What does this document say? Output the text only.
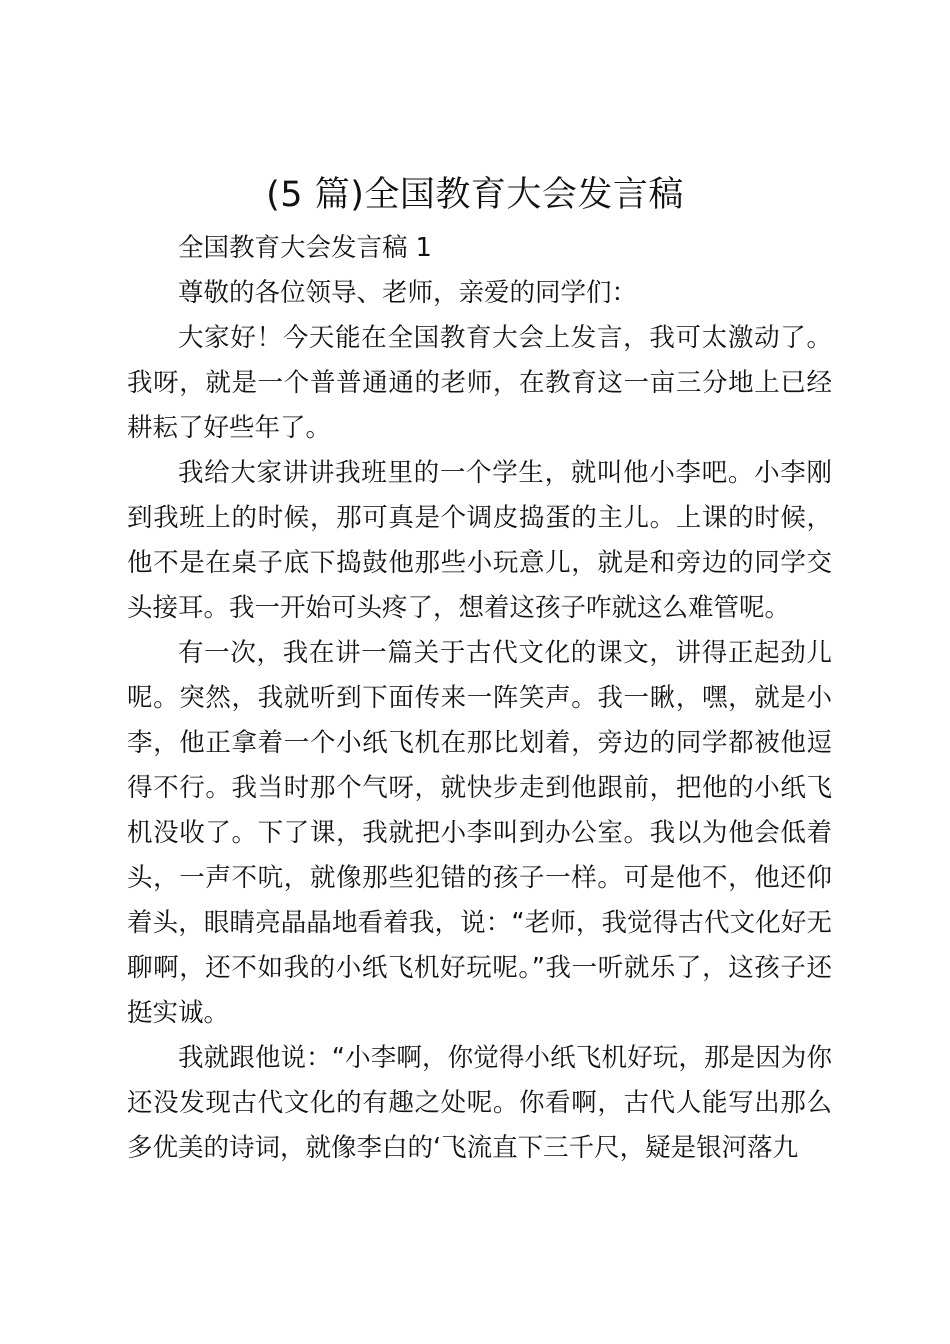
(5 篇)全国教育大会发言稿

全国教育大会发言稿 1

尊敬的各位领导、老师，亲爱的同学们：

大家好！今天能在全国教育大会上发言，我可太激动了。我呀，就是一个普普通通的老师，在教育这一亩三分地上已经耕耘了好些年了。

我给大家讲讲我班里的一个学生，就叫他小李吧。小李刚到我班上的时候，那可真是个调皮捣蛋的主儿。上课的时候，他不是在桌子底下捣鼓他那些小玩意儿，就是和旁边的同学交头接耳。我一开始可头疼了，想着这孩子咋就这么难管呢。

有一次，我在讲一篇关于古代文化的课文，讲得正起劲儿呢。突然，我就听到下面传来一阵笑声。我一瞅，嘿，就是小李，他正拿着一个小纸飞机在那比划着，旁边的同学都被他逗得不行。我当时那个气呀，就快步走到他跟前，把他的小纸飞机没收了。下了课，我就把小李叫到办公室。我以为他会低着头，一声不吭，就像那些犯错的孩子一样。可是他不，他还仰着头，眼睛亮晶晶地看着我，说：“老师，我觉得古代文化好无聊啊，还不如我的小纸飞机好玩呢。”我一听就乐了，这孩子还挺实诚。

我就跟他说：“小李啊，你觉得小纸飞机好玩，那是因为你还没发现古代文化的有趣之处呢。你看啊，古代人能写出那么多优美的诗词，就像李白的‘飞流直下三千尺，疑是银河落九
